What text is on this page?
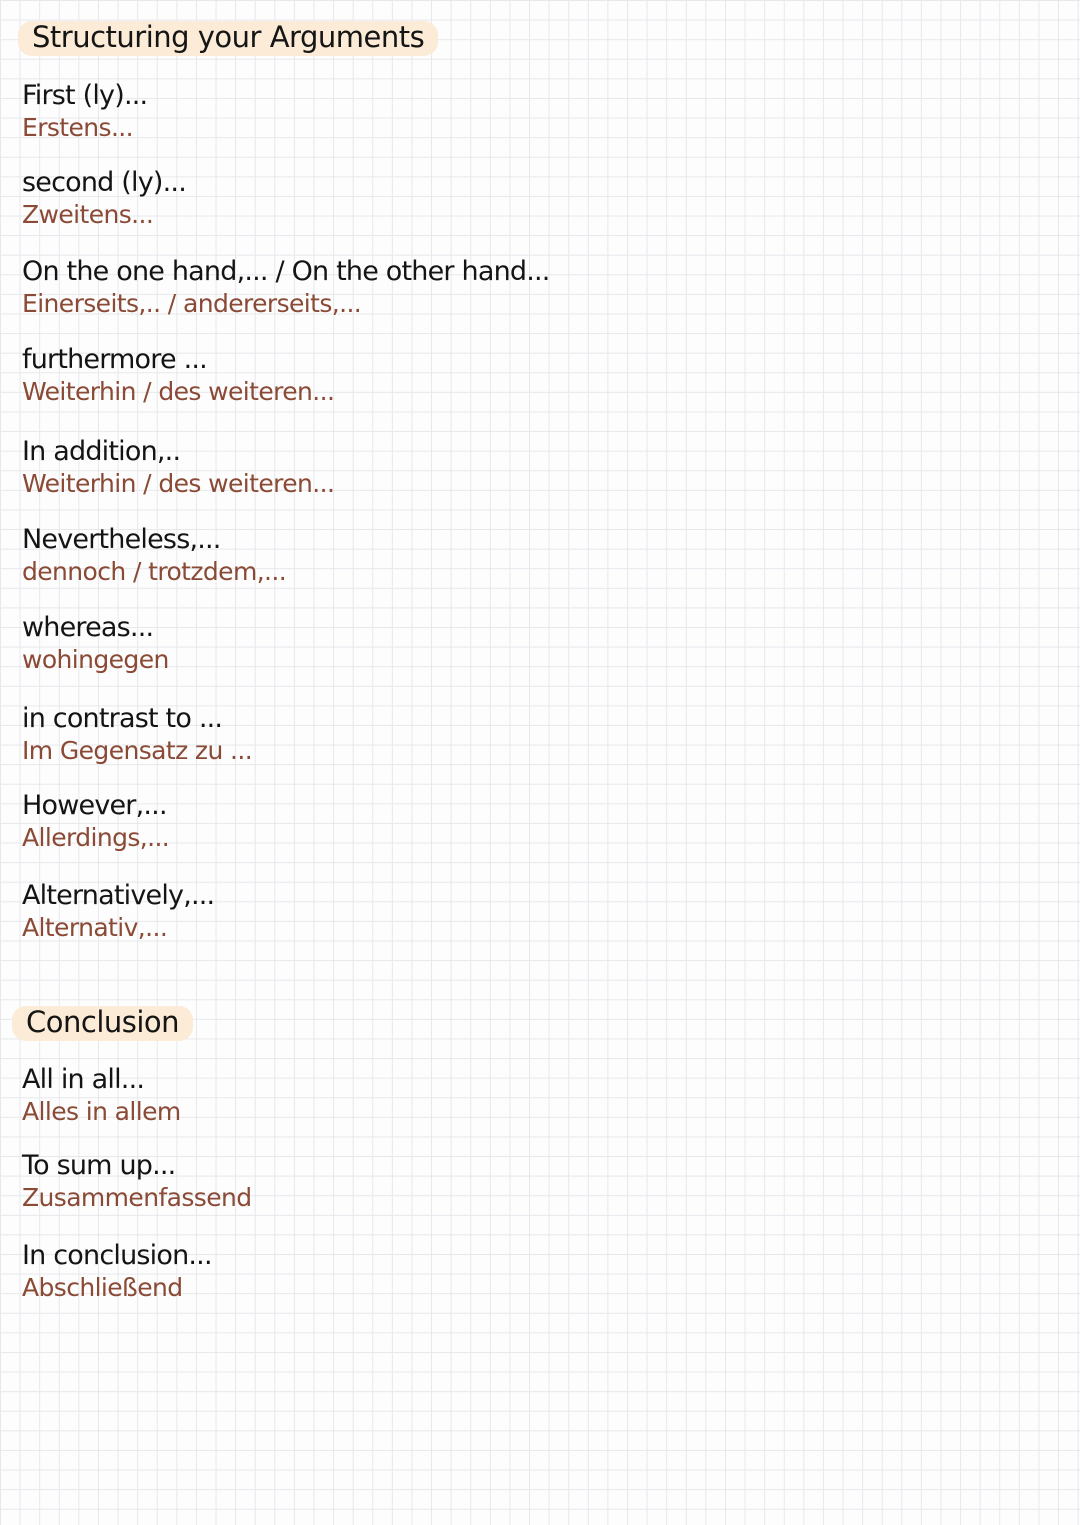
Structuring your Arguments
First (ly)...
Erstens...
second (ly)...
Zweitens...
On the one hand,... / On the other hand...
Einerseits,.. / andererseits,...
furthermore ...
Weiterhin / des weiteren...
In addition,..
Weiterhin / des weiteren...
Nevertheless,...
dennoch / trotzdem,...
whereas...
wohingegen
in contrast to ...
Im Gegensatz zu ...
However,...
Allerdings,...
Alternatively,...
Alternativ,...
Conclusion
All in all...
Alles in allem
To sum up...
Zusammenfassend
In conclusion...
Abschließend
